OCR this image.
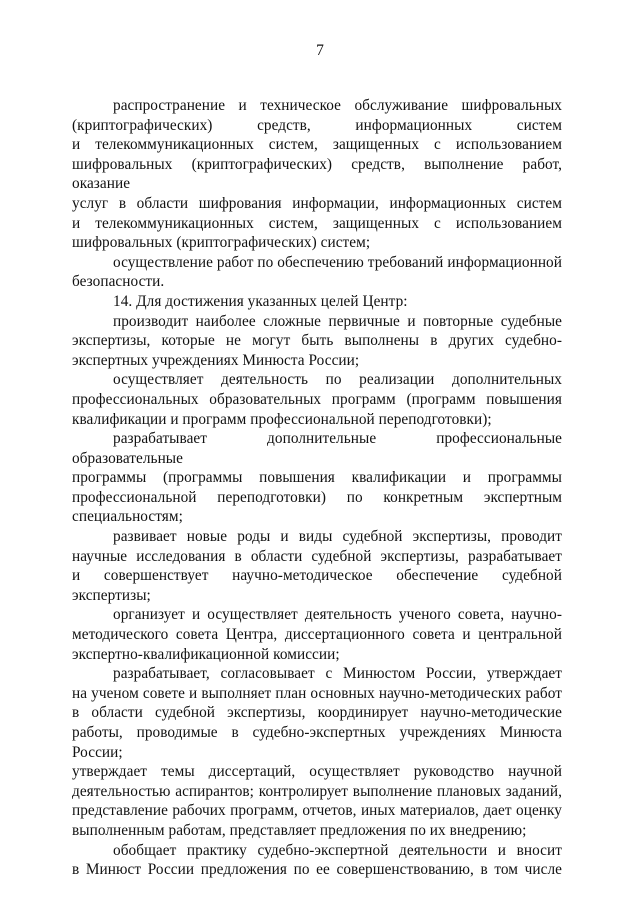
7

распространение и техническое обслуживание шифровальных
(криптографических) средств, информационных систем
и телекоммуникационных систем, защищенных с использованием
шифровальных (криптографических) средств, выполнение работ, оказание
услуг в области шифрования информации, информационных систем
и телекоммуникационных систем, защищенных с использованием
шифровальных (криптографических) систем;

осуществление работ по обеспечению требований информационной
безопасности.

14. Для достижения указанных целей Центр:

производит наиболее сложные первичные и повторные судебные
экспертизы, которые не могут быть выполнены в других судебно-
экспертных учреждениях Минюста России;

осуществляет деятельность по реализации дополнительных
профессиональных образовательных программ (программ повышения
квалификации и программ профессиональной переподготовки);

разрабатывает дополнительные профессиональные образовательные
программы (программы повышения квалификации и программы
профессиональной переподготовки) по конкретным экспертным
специальностям;

развивает новые роды и виды судебной экспертизы, проводит
научные исследования в области судебной экспертизы, разрабатывает
и совершенствует научно-методическое обеспечение судебной экспертизы;

организует и осуществляет деятельность ученого совета, научно-
методического совета Центра, диссертационного совета и центральной
экспертно-квалификационной комиссии;

разрабатывает, согласовывает с Минюстом России, утверждает
на ученом совете и выполняет план основных научно-методических работ
в области судебной экспертизы, координирует научно-методические
работы, проводимые в судебно-экспертных учреждениях Минюста России;
утверждает темы диссертаций, осуществляет руководство научной
деятельностью аспирантов; контролирует выполнение плановых заданий,
представление рабочих программ, отчетов, иных материалов, дает оценку
выполненным работам, представляет предложения по их внедрению;

обобщает практику судебно-экспертной деятельности и вносит
в Минюст России предложения по ее совершенствованию, в том числе
